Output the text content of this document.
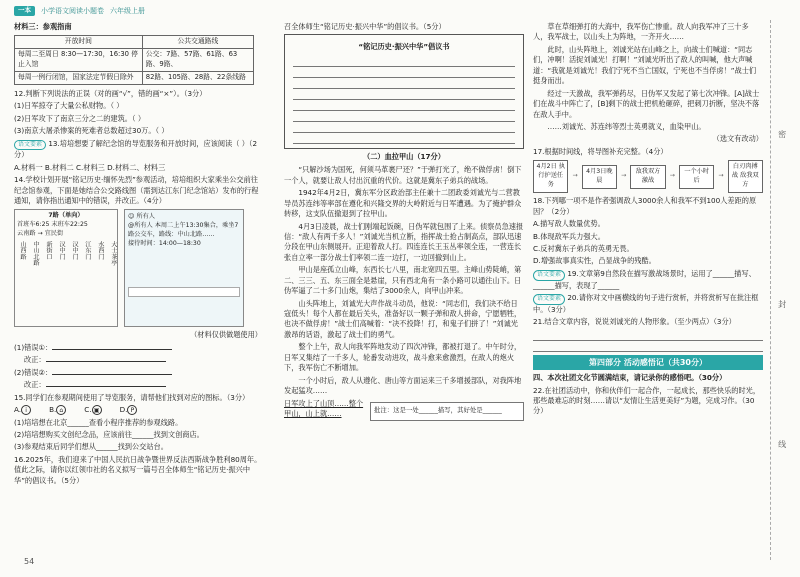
一本	小学语文阅读小题卷 六年级上册

材料三：参观指南

开放时间	公共交通路线
每周二至周日 8:30—17:30，16:30 停止入馆	公交：7路、57路、61路、63路、9路、
每周一例行闭馆，国家法定节假日除外	82路、105路、28路、22条线路

12.判断下列说法的正误（对的画“√”，错的画“×”）。（3分）

(1)日军掠夺了大量公私财物。（ ）

(2)日军攻下了南京三分之二的建筑。（ ）

(3)南京大屠杀惨案的死难者总数超过30万。（ ）

语文要素 13.培培想要了解纪念馆的导览服务和开放时间，应该阅读（ ）（2分）

A.材料一 B.材料二 C.材料三 D.材料二、材料三

14.学校计划开展“铭记历史·缅怀先烈”参观活动，培培组织大家乘坐公交前往纪念馆参观，下面是她结合公交路线图（需到达江东门纪念馆站）发布的行程通知，请你指出通知中的错误，并改正。（4分）

7路（单向）
首班车6:25 末班车22:25
云南路 → 宜民街
山西路 中山北路 新街口 汉中门 汉中门 江东门 水西门 大士茶亭
☺ 所有人
@所有人 本周二上午13:30集合，乘坐7路公交车，路线：中山北路……
接待时间：14:00—18:30

（材料仅供做题使用）

(1)错误①：

改正：

(2)错误②：

改正：

15.同学们在参观期间使用了导览服务，请帮他们找到对应的图标。（3分）

A. i	B. ⌂	C. ▣	D. P

(1)培培想在北京______查看小程序推荐的参观线路。

(2)培培想购买文创纪念品，应该前往______找到文创商店。

(3)参观结束后同学们想从______找到公交站台。

16.2025年，我们迎来了中国人民抗日战争暨世界反法西斯战争胜利80周年。值此之际，请你以红领巾社的名义拟写一篇号召全体师生“铭记历史·振兴中华”的倡议书。（5分）

召全体师生“铭记历史·振兴中华”的倡议书。（5分）

“铭记历史·振兴中华”倡议书
（二）血拉甲山（17分）

“只解沙场为国死，何须马革裹尸还？”于弹打光了，绝不做俘虏！倒下一个人，就要让敌人付出沉重的代价。这就是冀东子弟兵的战场。

1942年4月2日，冀东军分区政治部主任兼十二团政委刘诚光与二营教导员苏连纬等率部在遵化和兴隆交界的大岭附近与日军遭遇。为了掩护群众转移，这支队伍撤退到了拉甲山。

4月3日凌晨，战士们刚端起饭碗，日伪军就包围了上来。侦察员急速报信：“敌人有两千多人！”刘诚光当机立断，指挥战士抢占制高点，部队迅速分段在甲山东侧展开。正迎着敌人打。四连连长王玉丛率领全连，一营连长张自立率一部分战士们率领二连一边打，一边回撤到山上。

甲山是座孤立山峰，东西长七八里，南北宽四五里。主峰山势陡峭，第二、三三、五、东三面全是悬崖，只有西北角有一条小路可以通往山下。日伪军逼了二十多门山炮，集结了3000余人，向甲山冲来。

山头阵地上，刘诚光大声作战斗动员，他说：“同志们，我们决不给日寇低头！每个人都在最后关头，准备好以一颗子弹和敌人拼命，宁愿牺牲，也决不做俘虏！”战士们高喊着：“决不投降！打，和鬼子们拼了！”刘诚光激昂的话语，激起了战士们的勇气。

整个上午，敌人向我军阵地发动了四次冲锋，都被打退了。中午时分，日军又集结了一千多人，轮番发动进攻，战斗愈来愈激烈，在敌人的炮火下，我军伤亡不断增加。

一个小时后，敌人从遵化、唐山等方面运来三千多增援部队，对我阵地发起猛攻……

日军攻上了山顶……整个甲山，山上就……	批注：这是一处______描写，其好处是______

草在草细弹打的大海中，我军伤亡惨重。敌人向我军冲了三十多人，我军战士，以山头上为阵地，一齐开火……

此时，山头阵地上，刘诚光站在山峰之上，向战士们喊道：“同志们，冲啊！活捉刘诚光！打啊！”刘诚光听出了敌人的叫喊，他大声喊道：“我就是刘诚光！我们宁死不当亡国奴，宁死也不当俘虏！”战士们挺身而出。

经过一天激战，我军弹药尽，日伪军又发起了第七次冲锋。[A]战士们在战斗中阵亡了，[B]剩下的战士把机枪砸碎，把刺刀折断，坚决不落在敌人手中。

……刘诚光、苏连纬等烈士英勇就义，血染甲山。

（选文有改动）

17.根据时间线，将导图补充完整。（4分）

4月2日 执行护送任务
→
4月3日晚晨
→
敌我双方激战
→
一个小时后
→
白刃肉搏战 敌我双方

18.下列哪一项不是作者强调敌人3000余人和我军不到100人差距的原因？（2分）

A.描写敌人数量优势。

B.体现敌军兵力强大。

C.反衬冀东子弟兵的英勇无畏。

D.增强故事真实性，凸显战争的残酷。

语文要素 19.文章第9自然段在描写激战场景时，运用了______描写、______描写，表现了______

语文要素 20.请你对文中画横线的句子进行赏析，并将赏析写在批注框中。（3分）

21.结合文章内容，说说刘诚光的人物形象。（至少两点）（3分）

第四部分 活动感悟记（共30分）

四、本次社团文化节圆满结束，请记录你的感悟吧。（30分）

22.在社团活动中，你和伙伴们一起合作，一起成长，那些快乐的时光，那些最难忘的时刻……请以“友情让生活更美好”为题，完成习作。（30分）

密
封
线
54
